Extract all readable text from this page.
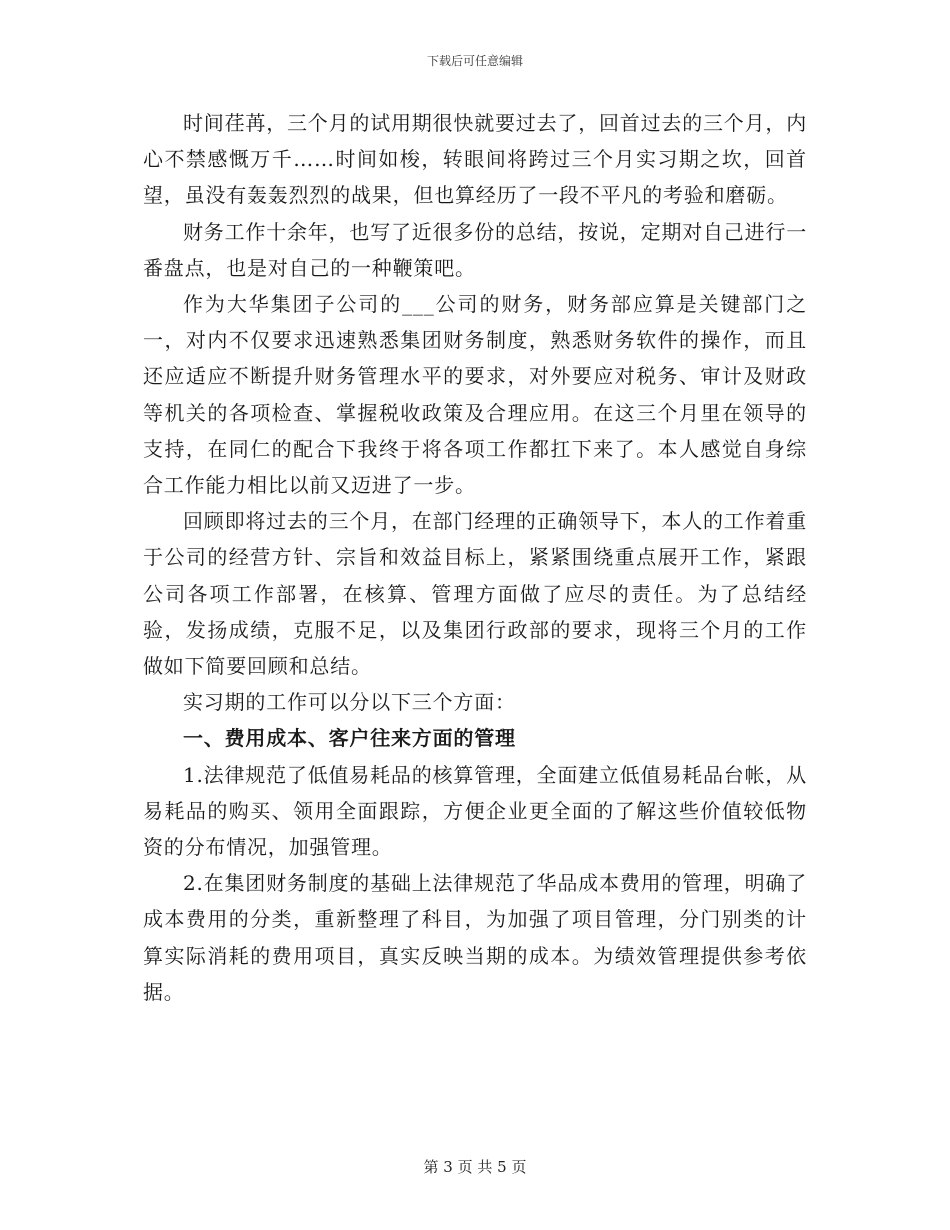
下载后可任意编辑

时间荏苒，三个月的试用期很快就要过去了，回首过去的三个月，内心不禁感慨万千……时间如梭，转眼间将跨过三个月实习期之坎，回首望，虽没有轰轰烈烈的战果，但也算经历了一段不平凡的考验和磨砺。

财务工作十余年，也写了近很多份的总结，按说，定期对自己进行一番盘点，也是对自己的一种鞭策吧。

作为大华集团子公司的___公司的财务，财务部应算是关键部门之一，对内不仅要求迅速熟悉集团财务制度，熟悉财务软件的操作，而且还应适应不断提升财务管理水平的要求，对外要应对税务、审计及财政等机关的各项检查、掌握税收政策及合理应用。在这三个月里在领导的支持，在同仁的配合下我终于将各项工作都扛下来了。本人感觉自身综合工作能力相比以前又迈进了一步。

回顾即将过去的三个月，在部门经理的正确领导下，本人的工作着重于公司的经营方针、宗旨和效益目标上，紧紧围绕重点展开工作，紧跟公司各项工作部署，在核算、管理方面做了应尽的责任。为了总结经验，发扬成绩，克服不足，以及集团行政部的要求，现将三个月的工作做如下简要回顾和总结。

实习期的工作可以分以下三个方面：

一、费用成本、客户往来方面的管理

1.法律规范了低值易耗品的核算管理，全面建立低值易耗品台帐，从易耗品的购买、领用全面跟踪，方便企业更全面的了解这些价值较低物资的分布情况，加强管理。

2.在集团财务制度的基础上法律规范了华品成本费用的管理，明确了成本费用的分类，重新整理了科目，为加强了项目管理，分门别类的计算实际消耗的费用项目，真实反映当期的成本。为绩效管理提供参考依据。

第 3 页 共 5 页
